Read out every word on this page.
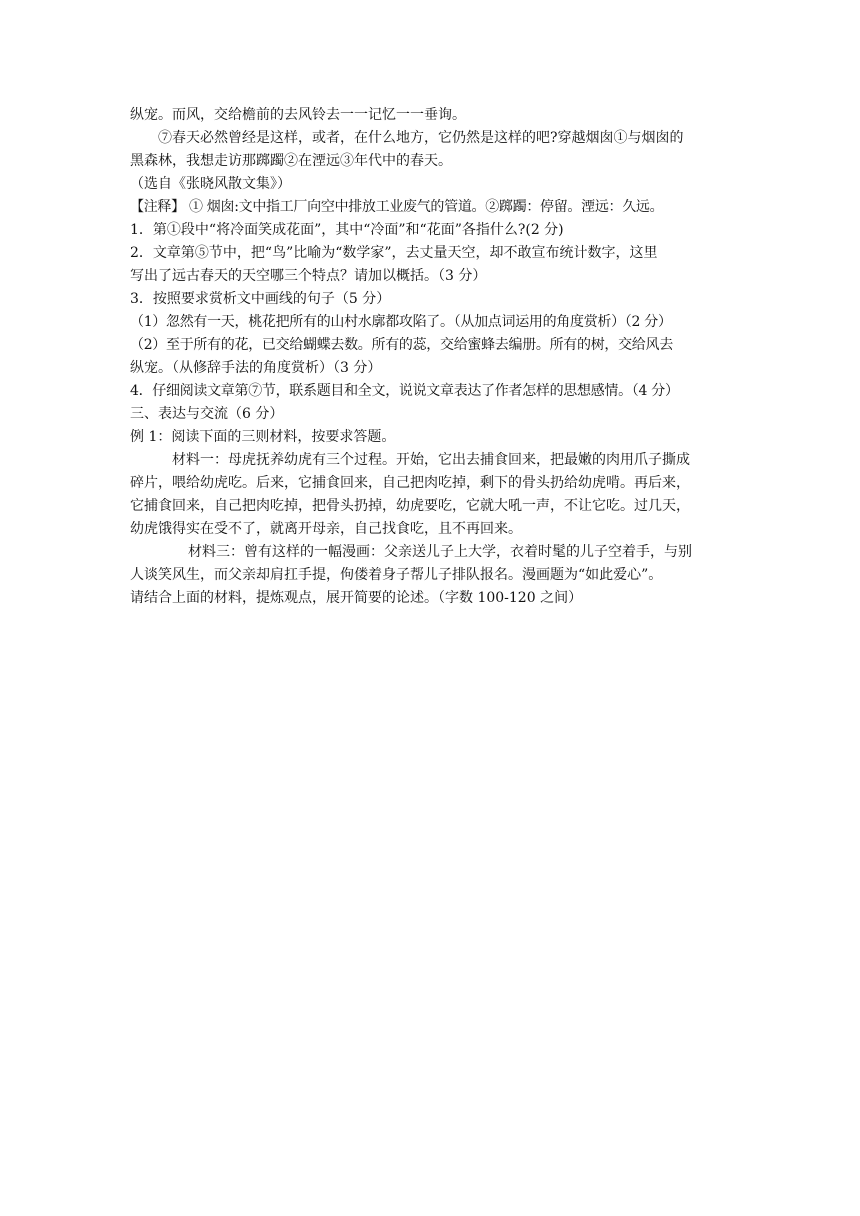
纵宠。而风，交给檐前的去风铃去一一记忆一一垂询。
⑦春天必然曾经是这样，或者，在什么地方，它仍然是这样的吧?穿越烟囱①与烟囱的
黑森林，我想走访那踯躅②在湮远③年代中的春天。
（选自《张晓风散文集》）
【注释】 ① 烟囱:文中指工厂向空中排放工业废气的管道。②踯躅：停留。湮远：久远。
1．第①段中“将冷面笑成花面”，其中“冷面”和“花面”各指什么?(2 分)
2．文章第⑤节中，把“鸟”比喻为“数学家”，去丈量天空，却不敢宣布统计数字，这里
写出了远古春天的天空哪三个特点？请加以概括。（3 分）
3．按照要求赏析文中画线的句子（5 分）
（1）忽然有一天，桃花把所有的山村水廓都攻陷了。（从加点词运用的角度赏析）（2 分）
（2）至于所有的花，已交给蝴蝶去数。所有的蕊，交给蜜蜂去编册。所有的树，交给风去
纵宠。（从修辞手法的角度赏析）（3 分）
4．仔细阅读文章第⑦节，联系题目和全文，说说文章表达了作者怎样的思想感情。（4 分）
三、表达与交流（6 分）
例 1：阅读下面的三则材料，按要求答题。
材料一：母虎抚养幼虎有三个过程。开始，它出去捕食回来，把最嫩的肉用爪子撕成
碎片，喂给幼虎吃。后来，它捕食回来，自己把肉吃掉，剩下的骨头扔给幼虎啃。再后来，
它捕食回来，自己把肉吃掉，把骨头扔掉，幼虎要吃，它就大吼一声，不让它吃。过几天，
幼虎饿得实在受不了，就离开母亲，自己找食吃，且不再回来。
材料三：曾有这样的一幅漫画：父亲送儿子上大学，衣着时髦的儿子空着手，与别
人谈笑风生，而父亲却肩扛手提，佝偻着身子帮儿子排队报名。漫画题为“如此爱心”。
请结合上面的材料，提炼观点，展开简要的论述。（字数 100-120 之间）
